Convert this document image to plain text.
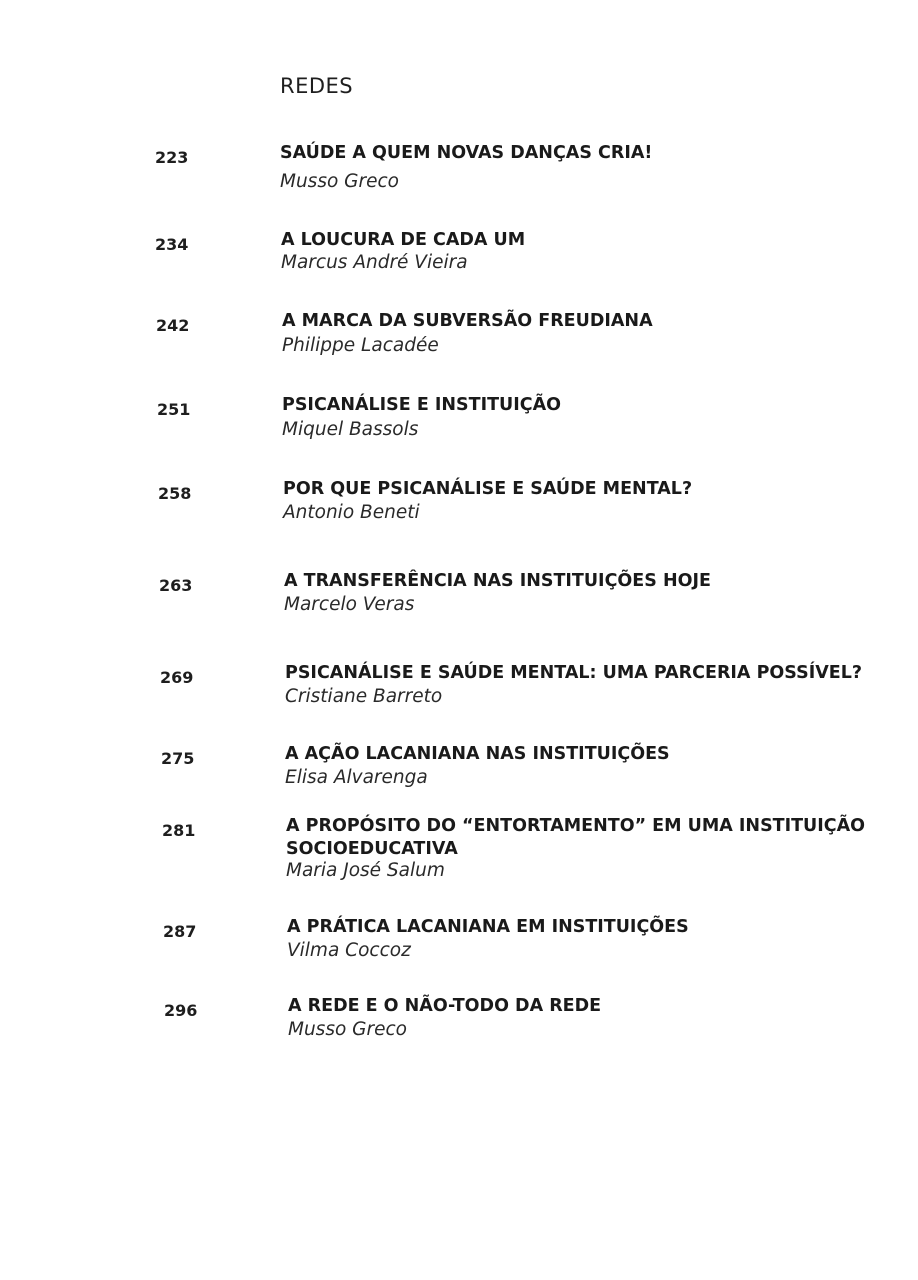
REDES
223	SAÚDE A QUEM NOVAS DANÇAS CRIA!
Musso Greco
234	A LOUCURA DE CADA UM
Marcus André Vieira
242	A MARCA DA SUBVERSÃO FREUDIANA
Philippe Lacadée
251	PSICANÁLISE E INSTITUIÇÃO
Miquel Bassols
258	POR QUE PSICANÁLISE E SAÚDE MENTAL?
Antonio Beneti
263	A TRANSFERÊNCIA NAS INSTITUIÇÕES HOJE
Marcelo Veras
269	PSICANÁLISE E SAÚDE MENTAL: UMA PARCERIA POSSÍVEL?
Cristiane Barreto
275	A AÇÃO LACANIANA NAS INSTITUIÇÕES
Elisa Alvarenga
281	A PROPÓSITO DO “ENTORTAMENTO” EM UMA INSTITUIÇÃO
SOCIOEDUCATIVA
Maria José Salum
287	A PRÁTICA LACANIANA EM INSTITUIÇÕES
Vilma Coccoz
296	A REDE E O NÃO-TODO DA REDE
Musso Greco
